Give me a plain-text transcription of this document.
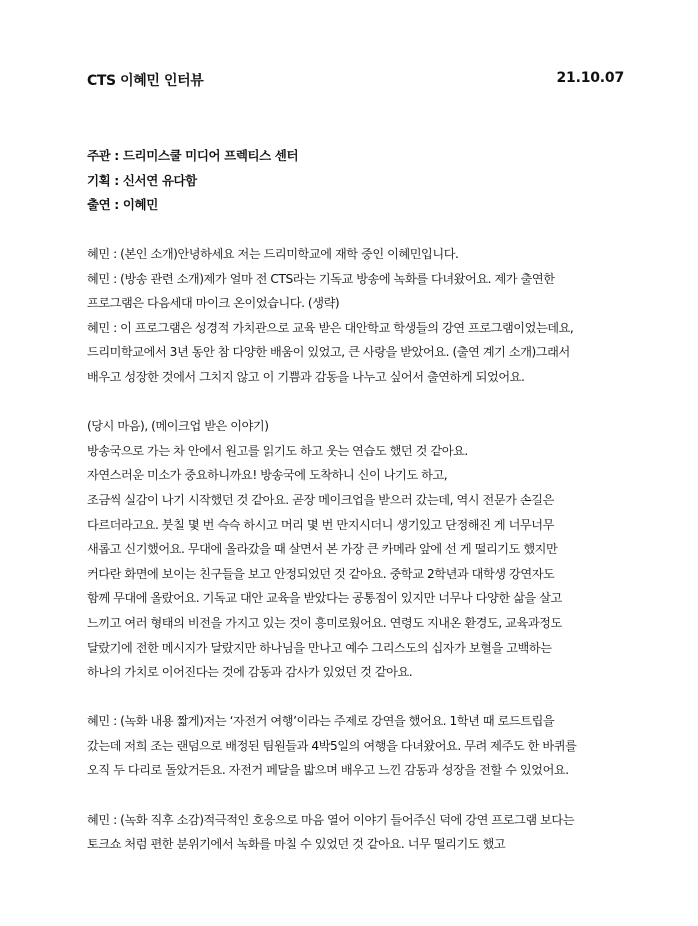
CTS 이혜민 인터뷰	21.10.07
주관 : 드리미스쿨 미디어 프렉티스 센터
기획 : 신서연 유다함
출연 : 이혜민
혜민 : (본인 소개)안녕하세요 저는 드리미학교에 재학 중인 이혜민입니다.
혜민 : (방송 관련 소개)제가 얼마 전 CTS라는 기독교 방송에 녹화를 다녀왔어요. 제가 출연한
프로그램은 다음세대 마이크 온이었습니다. (생략)
혜민 : 이 프로그램은 성경적 가치관으로 교육 받은 대안학교 학생들의 강연 프로그램이었는데요,
드리미학교에서 3년 동안 참 다양한 배움이 있었고, 큰 사랑을 받았어요. (출연 계기 소개)그래서
배우고 성장한 것에서 그치지 않고 이 기쁨과 감동을 나누고 싶어서 출연하게 되었어요.
(당시 마음), (메이크업 받은 이야기)
방송국으로 가는 차 안에서 원고를 읽기도 하고 웃는 연습도 했던 것 같아요.
자연스러운 미소가 중요하니까요! 방송국에 도착하니 신이 나기도 하고,
조금씩 실감이 나기 시작했던 것 같아요. 곧장 메이크업을 받으러 갔는데, 역시 전문가 손길은
다르더라고요. 붓칠 몇 번 슥슥 하시고 머리 몇 번 만지시더니 생기있고 단정해진 게 너무너무
새롭고 신기했어요. 무대에 올라갔을 때 살면서 본 가장 큰 카메라 앞에 선 게 떨리기도 했지만
커다란 화면에 보이는 친구들을 보고 안정되었던 것 같아요. 중학교 2학년과 대학생 강연자도
함께 무대에 올랐어요. 기독교 대안 교육을 받았다는 공통점이 있지만 너무나 다양한 삶을 살고
느끼고 여러 형태의 비전을 가지고 있는 것이 흥미로웠어요. 연령도 지내온 환경도, 교육과정도
달랐기에 전한 메시지가 달랐지만 하나님을 만나고 예수 그리스도의 십자가 보혈을 고백하는
하나의 가치로 이어진다는 것에 감동과 감사가 있었던 것 같아요.
혜민 : (녹화 내용 짧게)저는 ‘자전거 여행’이라는 주제로 강연을 했어요. 1학년 때 로드트립을
갔는데 저희 조는 랜덤으로 배정된 팀원들과 4박5일의 여행을 다녀왔어요. 무려 제주도 한 바퀴를
오직 두 다리로 돌았거든요. 자전거 페달을 밟으며 배우고 느낀 감동과 성장을 전할 수 있었어요.
혜민 : (녹화 직후 소감)적극적인 호응으로 마음 열어 이야기 들어주신 덕에 강연 프로그램 보다는
토크쇼 처럼 편한 분위기에서 녹화를 마칠 수 있었던 것 같아요. 너무 떨리기도 했고
